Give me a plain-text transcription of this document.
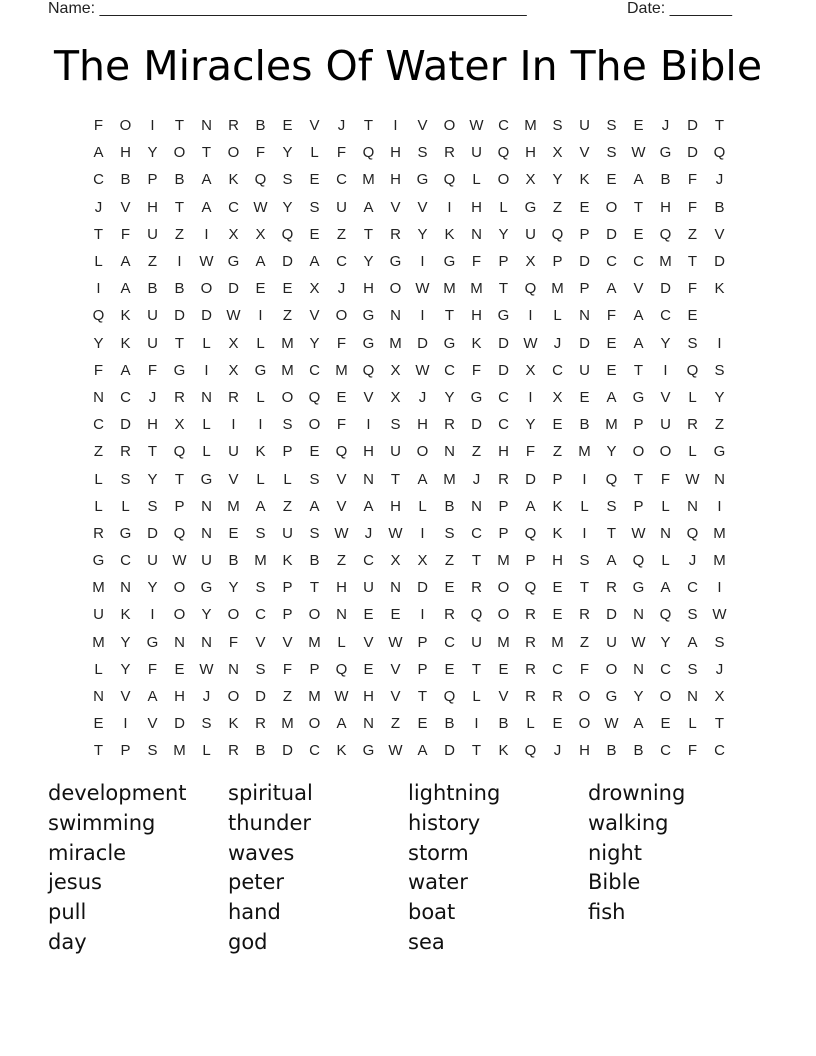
Name: ________________________________________________	Date: _______
The Miracles Of Water In The Bible
F	O	I	T	N	R	B	E	V	J	T	I	V	O W C	M	S	U	S	E	J	D	T
A	H	Y	O	T	O	F	Y	L	F	Q	H	S	R	U	Q	H	X	V	S W G	D	Q
C	B	P	B	A	K	Q	S	E	C	M	H	G	Q	L	O	X	Y	K	E	A	B	F	J
J	V	H	T	A	C W Y	S	U	A	V	V	I	H	L	G	Z	E	O	T	H	F	B
T	F	U	Z	I	X	X	Q	E	Z	T	R	Y	K	N	Y	U	Q	P	D	E	Q	Z	V
L	A	Z	I	W G	A	D	A	C	Y	G	I	G	F	P	X	P	D	C	C	M	T	D
I	A	B	B	O	D	E	E	X	J	H	O W M M	T	Q M	P	A	V	D	F	K
Q	K	U	D	D W	I	Z	V	O	G	N	I	T	H	G	I	L	N	F	A	C	E
Y	K	U	T	L	X	L	M	Y	F	G M	D	G	K	D W	J	D	E	A	Y	S	I
F	A	F	G	I	X	G M	C	M Q	X W C	F	D	X	C	U	E	T	I	Q	S
N	C	J	R	N	R	L	O	Q	E	V	X	J	Y	G	C	I	X	E	A	G	V	L	Y
C	D	H	X	L	I	I	S	O	F	I	S	H	R	D	C	Y	E	B	M	P	U	R	Z
Z	R	T	Q	L	U	K	P	E	Q	H	U	O	N	Z	H	F	Z	M	Y	O	O	L	G
L	S	Y	T	G	V	L	L	S	V	N	T	A	M	J	R	D	P	I	Q	T	F	W N
L	L	S	P	N	M	A	Z	A	V	A	H	L	B	N	P	A	K	L	S	P	L	N	I
R	G	D	Q	N	E	S	U	S W	J	W	I	S	C	P	Q	K	I	T	W N	Q M
G	C	U W U	B	M	K	B	Z	C	X	X	Z	T	M	P	H	S	A	Q	L	J	M
M	N	Y	O	G	Y	S	P	T	H	U	N	D	E	R	O	Q	E	T	R	G	A	C	I
U	K	I	O	Y	O	C	P	O	N	E	E	I	R	Q	O	R	E	R	D	N	Q	S W
M	Y	G	N	N	F	V	V	M	L	V W P	C	U	M	R	M	Z	U W Y	A	S
L	Y	F	E W N	S	F	P	Q	E	V	P	E	T	E	R	C	F	O	N	C	S	J
N	V	A	H	J	O	D	Z	M W H	V	T	Q	L	V	R	R	O	G	Y	O	N	X
E	I	V	D	S	K	R	M O	A	N	Z	E	B	I	B	L	E	O W A	E	L	T
T	P	S	M	L	R	B	D	C	K	G W A	D	T	K	Q	J	H	B	B	C	F	C
development
swimming
miracle
jesus
pull
day
spiritual
thunder
waves
peter
hand
god
lightning
history
storm
water
boat
sea
drowning
walking
night
Bible
fish
